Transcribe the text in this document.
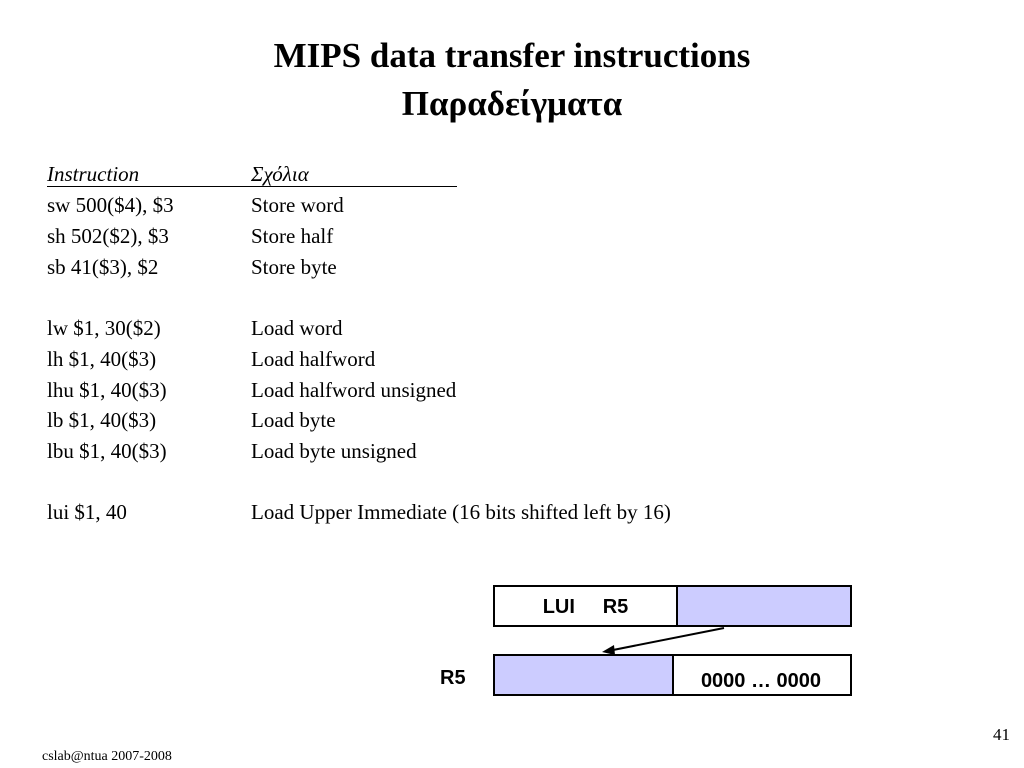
MIPS data transfer instructions
Παραδείγματα
Instruction	Σχόλια
sw 500($4), $3	Store word
sh 502($2), $3	Store half
sb 41($3), $2	Store byte
lw $1, 30($2)	Load word
lh $1, 40($3)	Load halfword
lhu $1, 40($3)	Load halfword unsigned
lb $1, 40($3)	Load byte
lbu $1, 40($3)	Load byte unsigned
lui $1, 40	Load Upper Immediate (16 bits shifted left by 16)
LUI     R5
R5	0000 … 0000
cslab@ntua 2007-2008
41
